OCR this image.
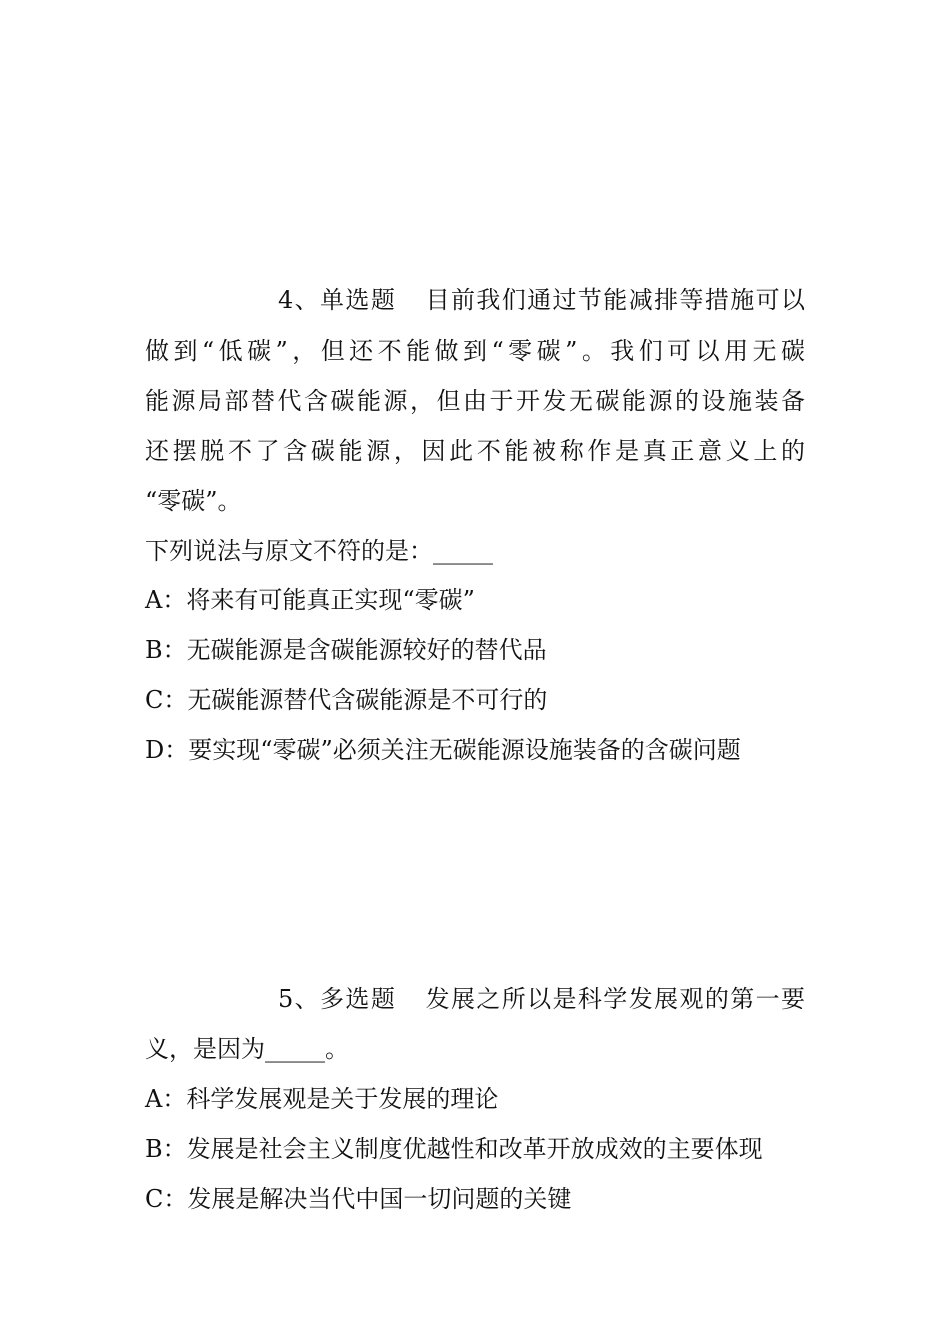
4、单选题 目前我们通过节能减排等措施可以
做到“低碳”，但还不能做到“零碳”。我们可以用无碳
能源局部替代含碳能源，但由于开发无碳能源的设施装备
还摆脱不了含碳能源，因此不能被称作是真正意义上的
“零碳”。
下列说法与原文不符的是：_____
A：将来有可能真正实现“零碳”
B：无碳能源是含碳能源较好的替代品
C：无碳能源替代含碳能源是不可行的
D：要实现“零碳”必须关注无碳能源设施装备的含碳问题
5、多选题 发展之所以是科学发展观的第一要
义，是因为_____。
A：科学发展观是关于发展的理论
B：发展是社会主义制度优越性和改革开放成效的主要体现
C：发展是解决当代中国一切问题的关键
